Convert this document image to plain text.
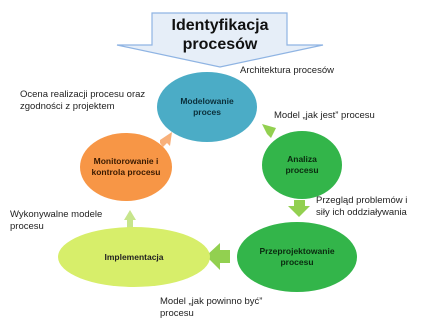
Identyfikacja
procesów
Modelowanie
proces
Analiza
procesu
Przeprojektowanie
procesu
Implementacja
Monitorowanie i
kontrola procesu
Architektura procesów
Model „jak jest” procesu
Przegląd problemów i
siły ich oddziaływania
Model „jak powinno być”
procesu
Wykonywalne modele
procesu
Ocena realizacji procesu oraz
zgodności z projektem
